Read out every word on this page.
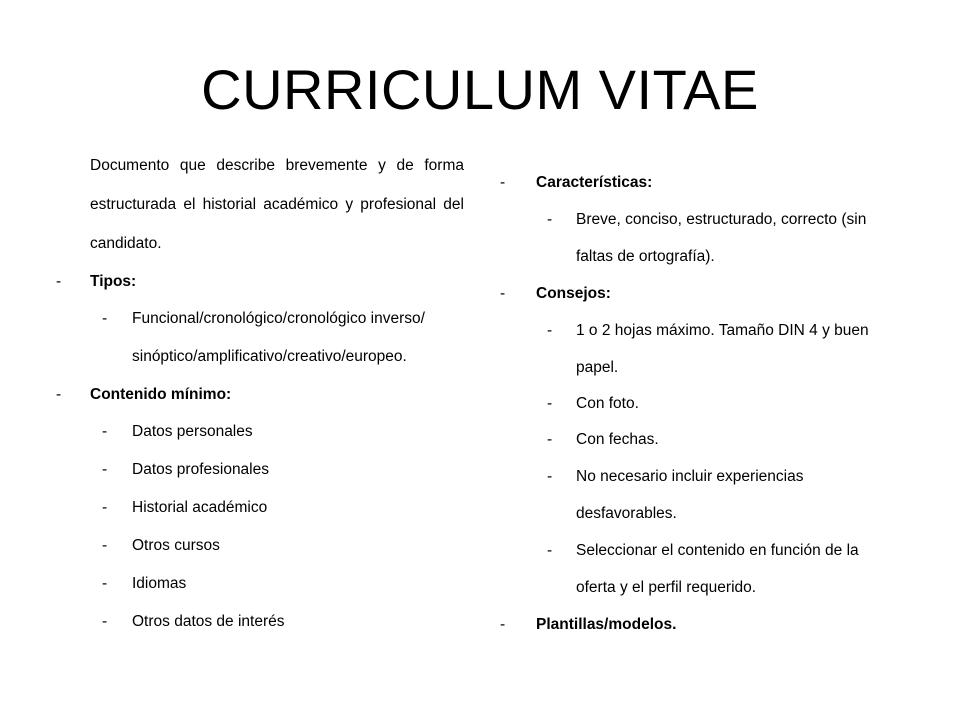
CURRICULUM VITAE

Documento que describe brevemente y de forma estructurada el historial académico y profesional del candidato.

- Tipos:
- Funcional/cronológico/cronológico inverso/ sinóptico/amplificativo/creativo/europeo.
- Contenido mínimo:
- Datos personales
- Datos profesionales
- Historial académico
- Otros cursos
- Idiomas
- Otros datos de interés
- Características:
- Breve, conciso, estructurado, correcto (sin faltas de ortografía).
- Consejos:
- 1 o 2 hojas máximo. Tamaño DIN 4 y buen papel.
- Con foto.
- Con fechas.
- No necesario incluir experiencias desfavorables.
- Seleccionar el contenido en función de la oferta y el perfil requerido.
- Plantillas/modelos.
